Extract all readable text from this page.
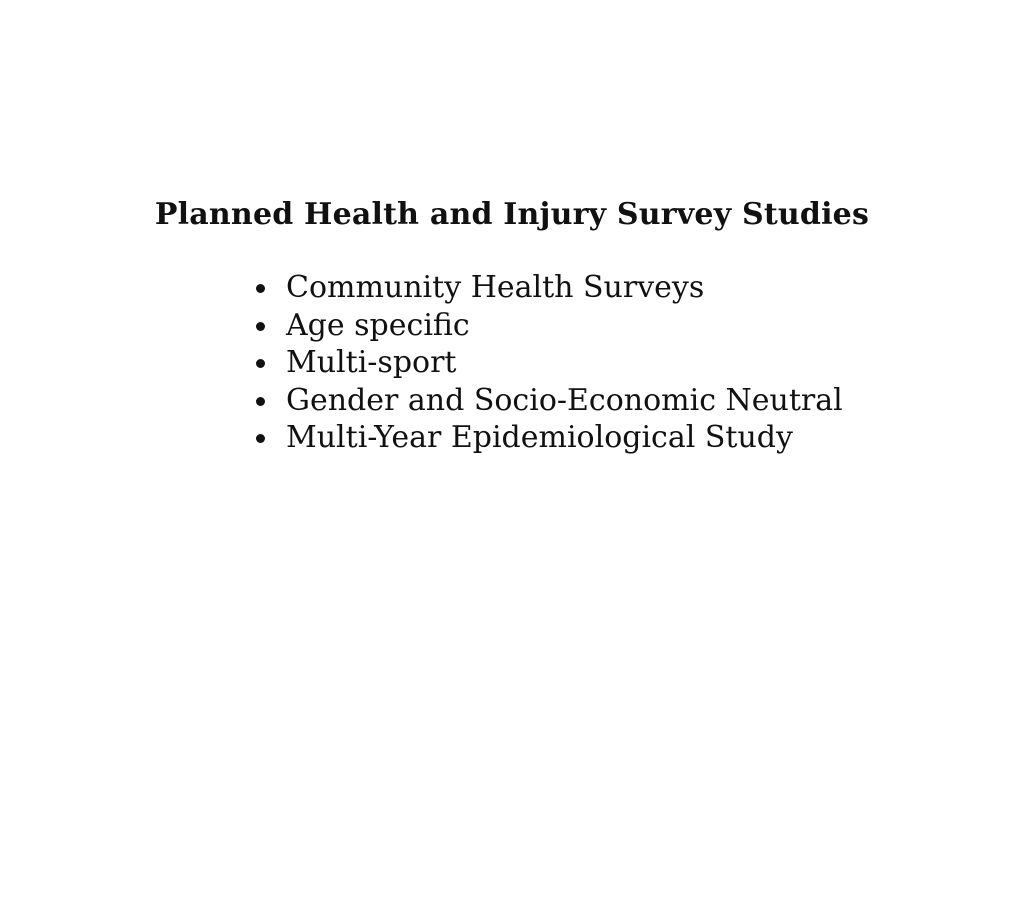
Planned Health and Injury Survey Studies
Community Health Surveys
Age specific
Multi-sport
Gender and Socio-Economic Neutral
Multi-Year Epidemiological Study
